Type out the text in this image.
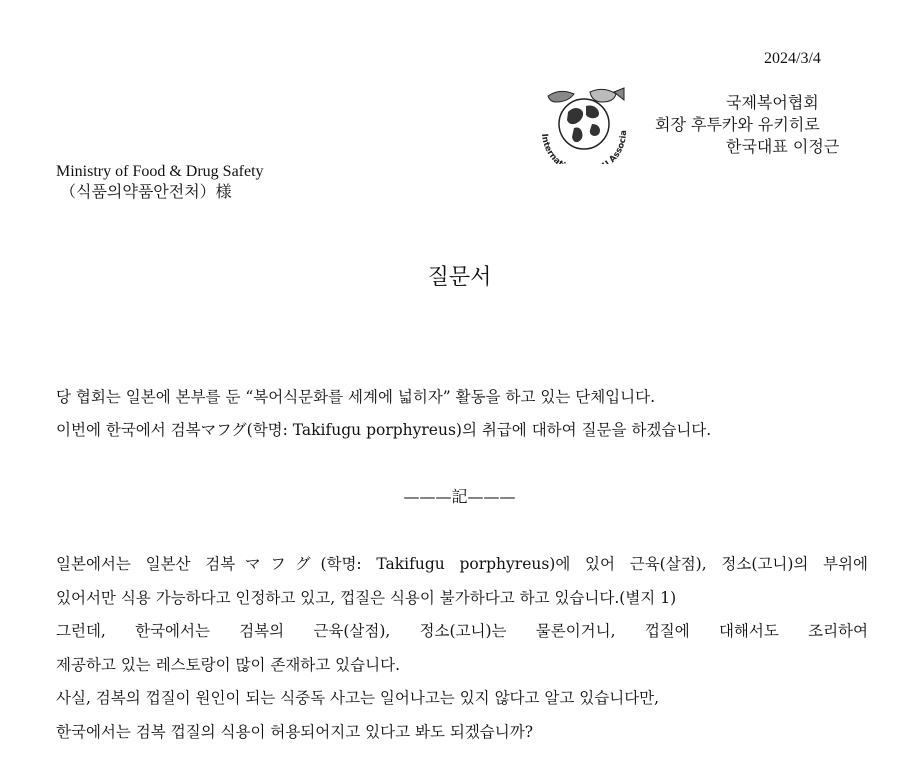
2024/3/4
Interna Associa
국제복어협회
회장 후투카와 유키히로
한국대표 이정근
Ministry of Food & Drug Safety
（식품의약품안전처）様
질문서
당 협회는 일본에 본부를 둔 “복어식문화를 세계에 넓히자” 활동을 하고 있는 단체입니다.
이번에 한국에서 검복マフグ(학명: Takifugu porphyreus)의 취급에 대하여 질문을 하겠습니다.
———記———
일본에서는 일본산 검복マフグ(학명: Takifugu porphyreus)에 있어 근육(살점), 정소(고니)의 부위에
있어서만 식용 가능하다고 인정하고 있고, 껍질은 식용이 불가하다고 하고 있습니다.(별지 1)
그런데, 한국에서는 검복의 근육(살점), 정소(고니)는 물론이거니, 껍질에 대해서도 조리하여
제공하고 있는 레스토랑이 많이 존재하고 있습니다.
사실, 검복의 껍질이 원인이 되는 식중독 사고는 일어나고는 있지 않다고 알고 있습니다만,
한국에서는 검복 껍질의 식용이 허용되어지고 있다고 봐도 되겠습니까?
